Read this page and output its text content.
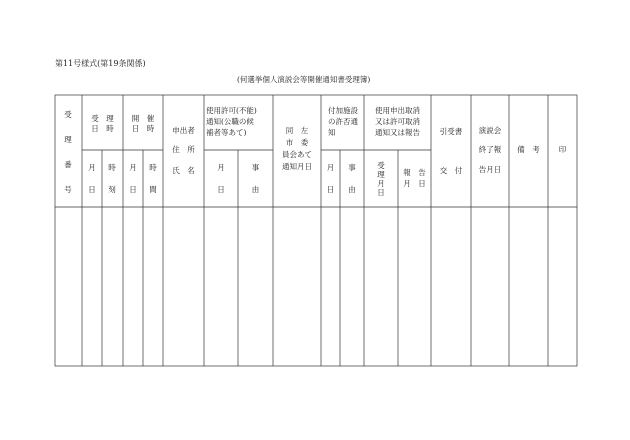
第11号様式(第19条関係)
(何選挙個人演説会等開催通知書受理簿)
受
理
番
号
受　理
日　時
月
日
時
刻
開　催
日　時
月
日
時
間
申出者
住　所
氏　名
使用許可(不能)
通知(公職の候
補者等あて)
月
日
事
由
同　左
市　委
員会あて
通知月日
付加施設
の許否通
知
月
日
事
由
使用申出取消
又は許可取消
通知又は報告
受
理
月
日
報　告
月　日
引受書
交　付
演説会
終了報
告月日
備　考	印
